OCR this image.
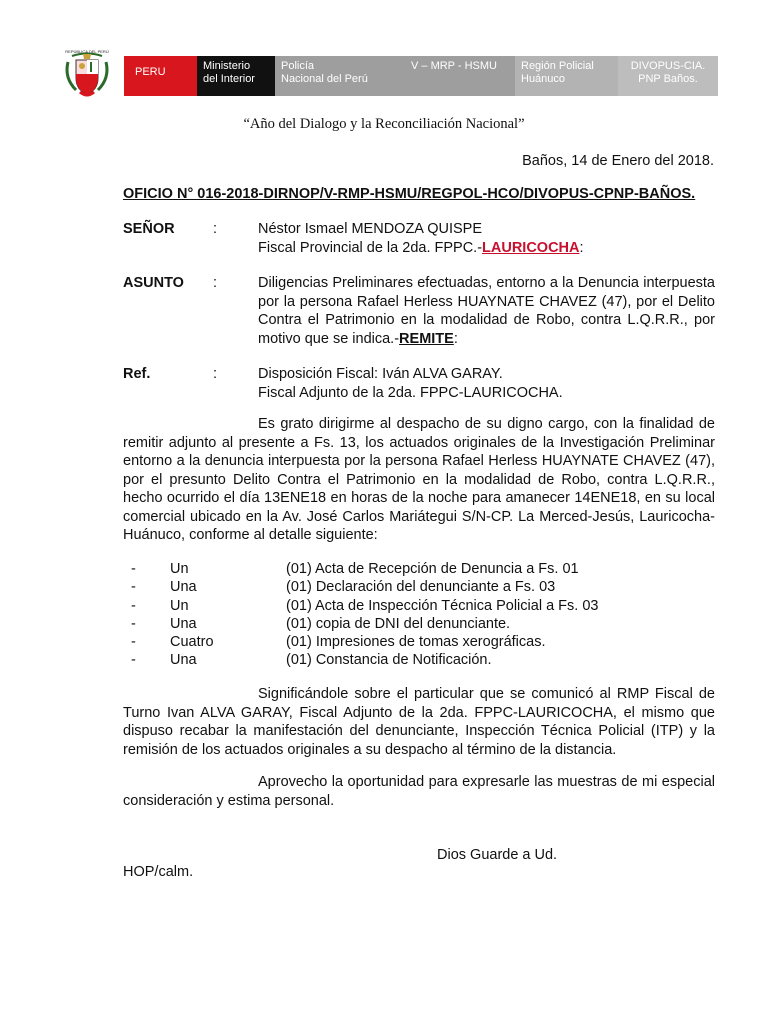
REPÚBLICA DEL PERÚ
PERU	Ministerio
del Interior
Policía
Nacional del Perú
V – MRP - HSMU	Región Policial
Huánuco
DIVOPUS-CIA.
PNP Baños.
“Año del Dialogo y la Reconciliación Nacional”
Baños, 14 de Enero del 2018.
OFICIO N° 016-2018-DIRNOP/V-RMP-HSMU/REGPOL-HCO/DIVOPUS-CPNP-BAÑOS.
SEÑOR	:	Néstor Ismael MENDOZA QUISPE
Fiscal Provincial de la 2da. FPPC.-LAURICOCHA:
ASUNTO :	Diligencias Preliminares efectuadas, entorno a la Denuncia interpuesta por la persona Rafael Herless HUAYNATE CHAVEZ (47), por el Delito Contra el Patrimonio en la modalidad de Robo, contra L.Q.R.R., por motivo que se indica.-REMITE:
Ref.	:	Disposición Fiscal: Iván ALVA GARAY.
Fiscal Adjunto de la 2da. FPPC-LAURICOCHA.
Es grato dirigirme al despacho de su digno cargo, con la finalidad de remitir adjunto al presente a Fs. 13, los actuados originales de la Investigación Preliminar entorno a la denuncia interpuesta por la persona Rafael Herless HUAYNATE CHAVEZ (47), por el presunto Delito Contra el Patrimonio en la modalidad de Robo, contra L.Q.R.R., hecho ocurrido el día 13ENE18 en horas de la noche para amanecer 14ENE18, en su local comercial ubicado en la Av. José Carlos Mariátegui S/N-CP. La Merced-Jesús, Lauricocha-Huánuco, conforme al detalle siguiente:
- Un	(01) Acta de Recepción de Denuncia a Fs. 01
- Una	(01) Declaración del denunciante a Fs. 03
- Un	(01) Acta de Inspección Técnica Policial a Fs. 03
- Una	(01) copia de DNI del denunciante.
- Cuatro	(01) Impresiones de tomas xerográficas.
- Una	(01) Constancia de Notificación.
Significándole sobre el particular que se comunicó al RMP Fiscal de Turno Ivan ALVA GARAY, Fiscal Adjunto de la 2da. FPPC-LAURICOCHA, el mismo que dispuso recabar la manifestación del denunciante, Inspección Técnica Policial (ITP) y la remisión de los actuados originales a su despacho al término de la distancia.
Aprovecho la oportunidad para expresarle las muestras de mi especial consideración y estima personal.
Dios Guarde a Ud.
HOP/calm.
